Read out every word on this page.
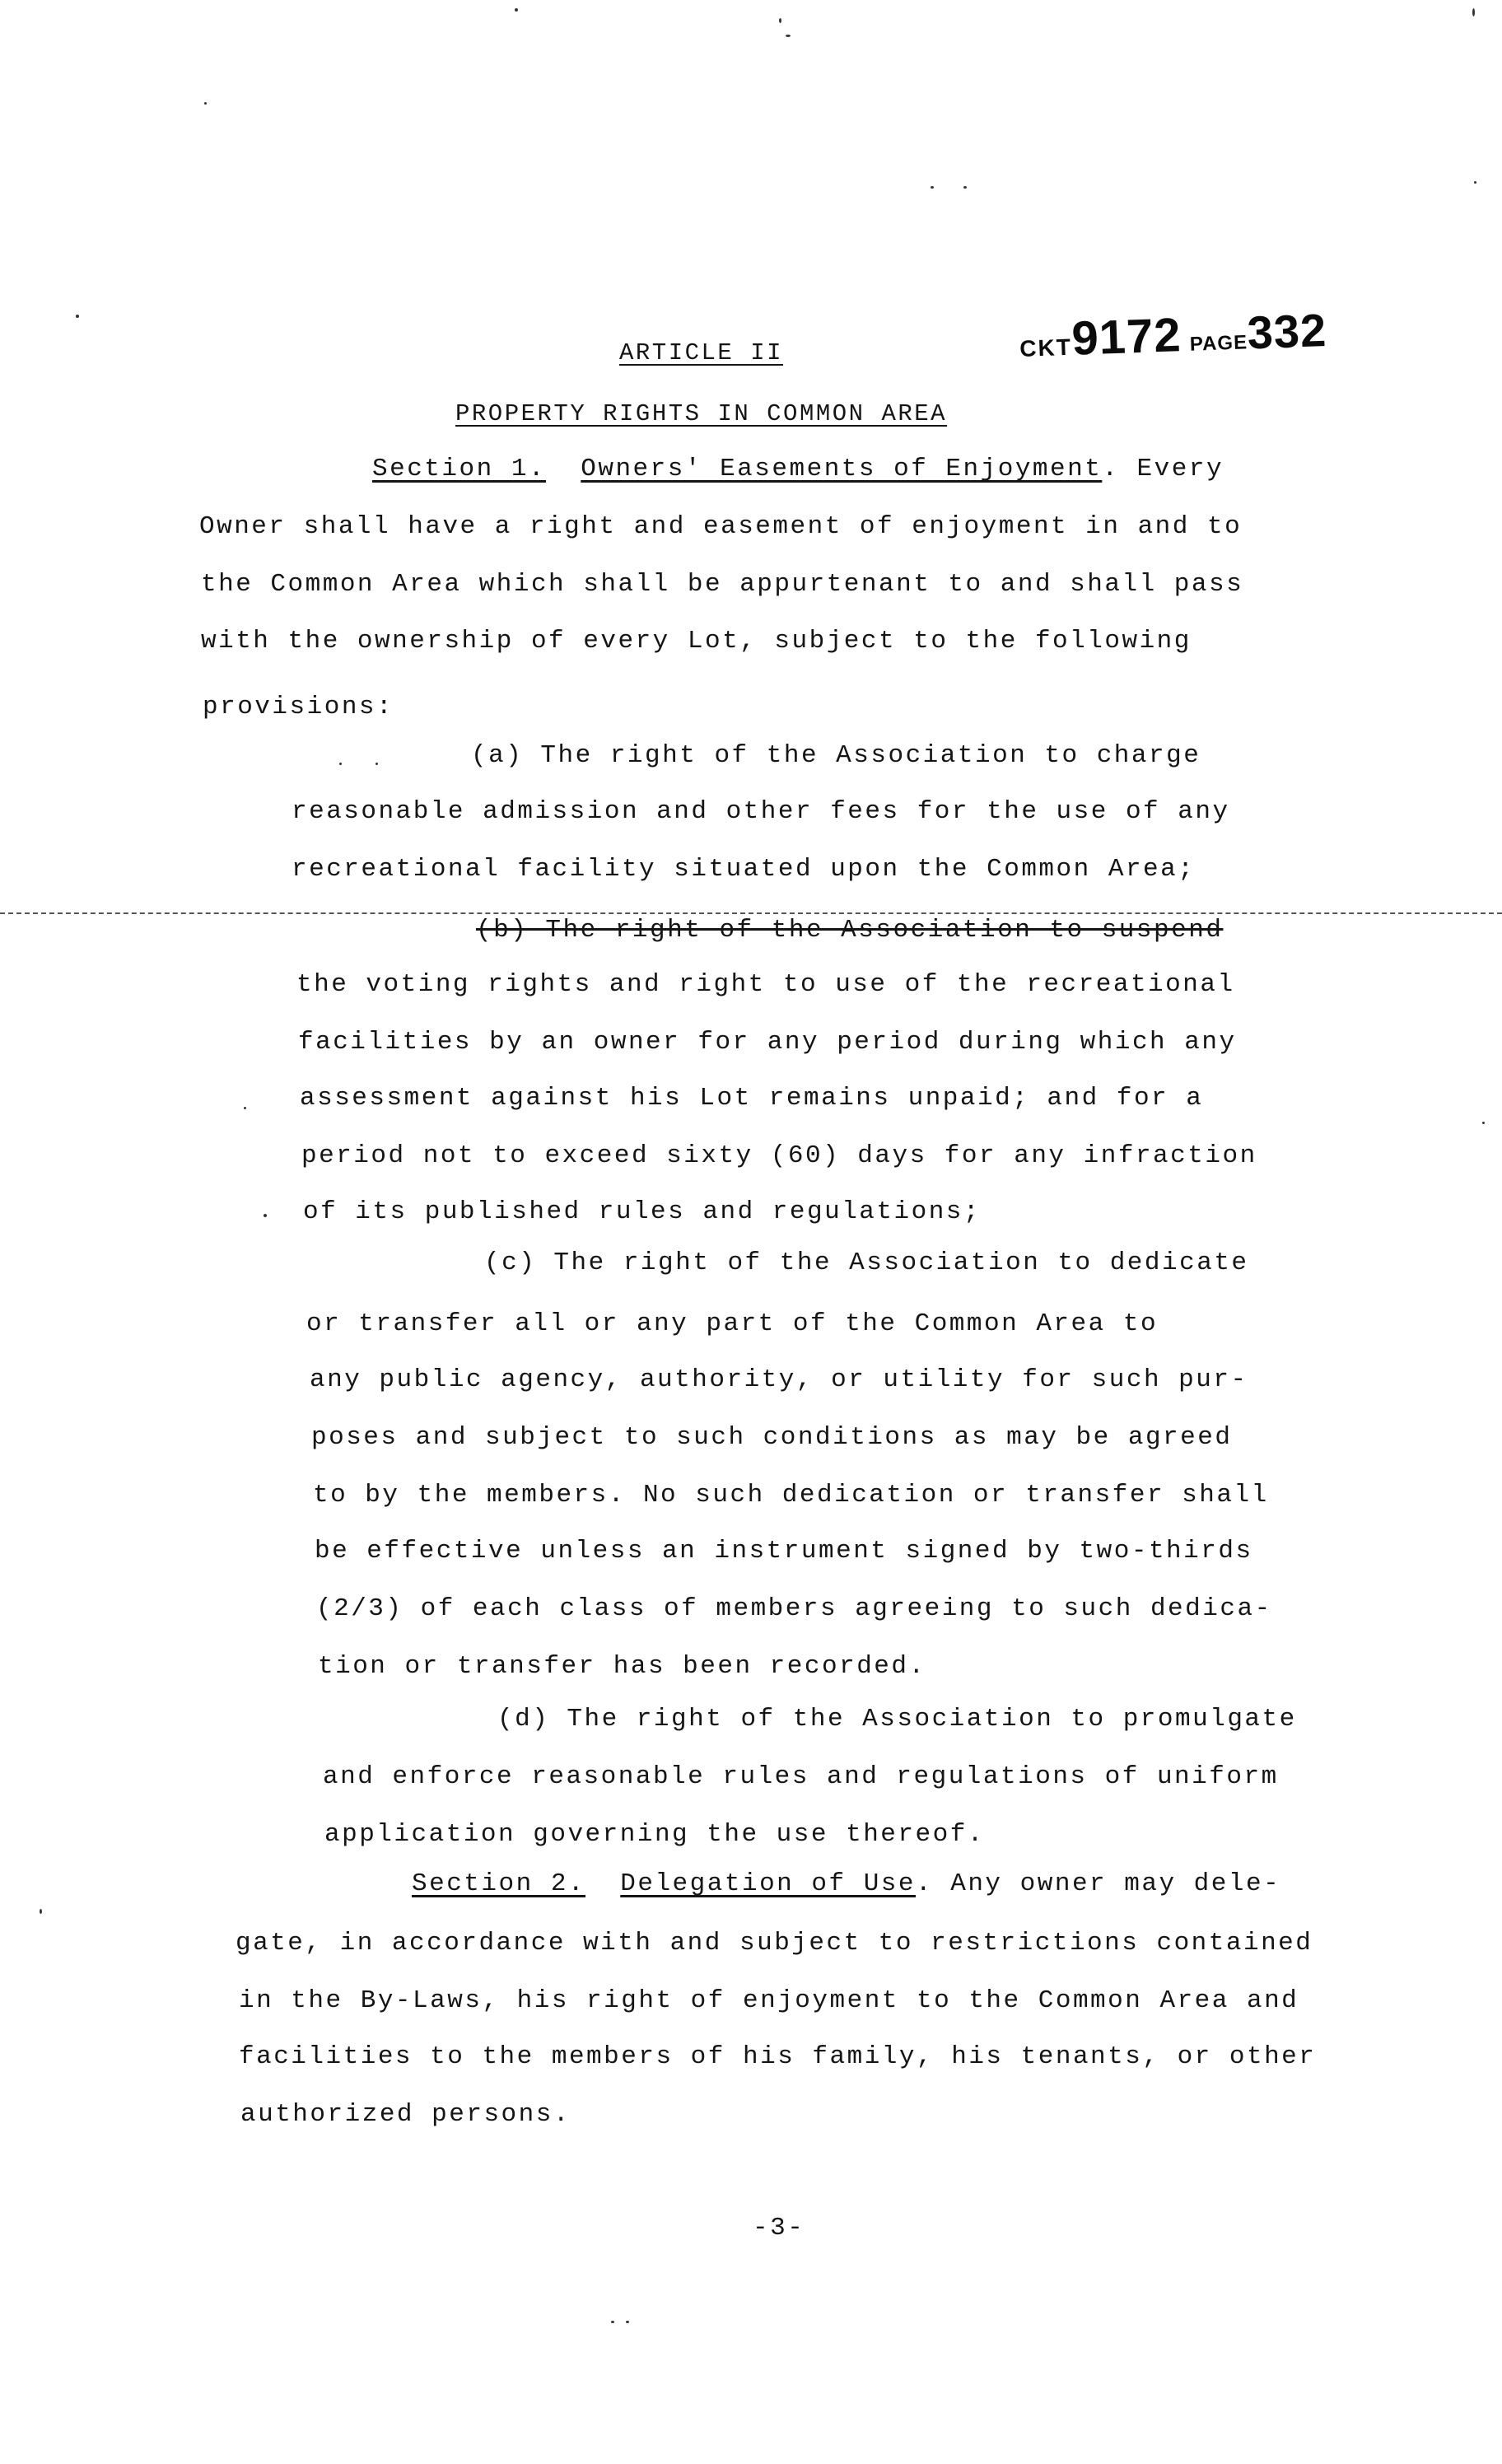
CKT9172 PAGE332
ARTICLE II
PROPERTY RIGHTS IN COMMON AREA
Section 1. Owners' Easements of Enjoyment. Every
Owner shall have a right and easement of enjoyment in and to
the Common Area which shall be appurtenant to and shall pass
with the ownership of every Lot, subject to the following
provisions:
(a) The right of the Association to charge
reasonable admission and other fees for the use of any
recreational facility situated upon the Common Area;
(b) The right of the Association to suspend
the voting rights and right to use of the recreational
facilities by an owner for any period during which any
assessment against his Lot remains unpaid; and for a
period not to exceed sixty (60) days for any infraction
of its published rules and regulations;
(c) The right of the Association to dedicate
or transfer all or any part of the Common Area to
any public agency, authority, or utility for such pur-
poses and subject to such conditions as may be agreed
to by the members. No such dedication or transfer shall
be effective unless an instrument signed by two-thirds
(2/3) of each class of members agreeing to such dedica-
tion or transfer has been recorded.
(d) The right of the Association to promulgate
and enforce reasonable rules and regulations of uniform
application governing the use thereof.
Section 2. Delegation of Use. Any owner may dele-
gate, in accordance with and subject to restrictions contained
in the By-Laws, his right of enjoyment to the Common Area and
facilities to the members of his family, his tenants, or other
authorized persons.
-3-
